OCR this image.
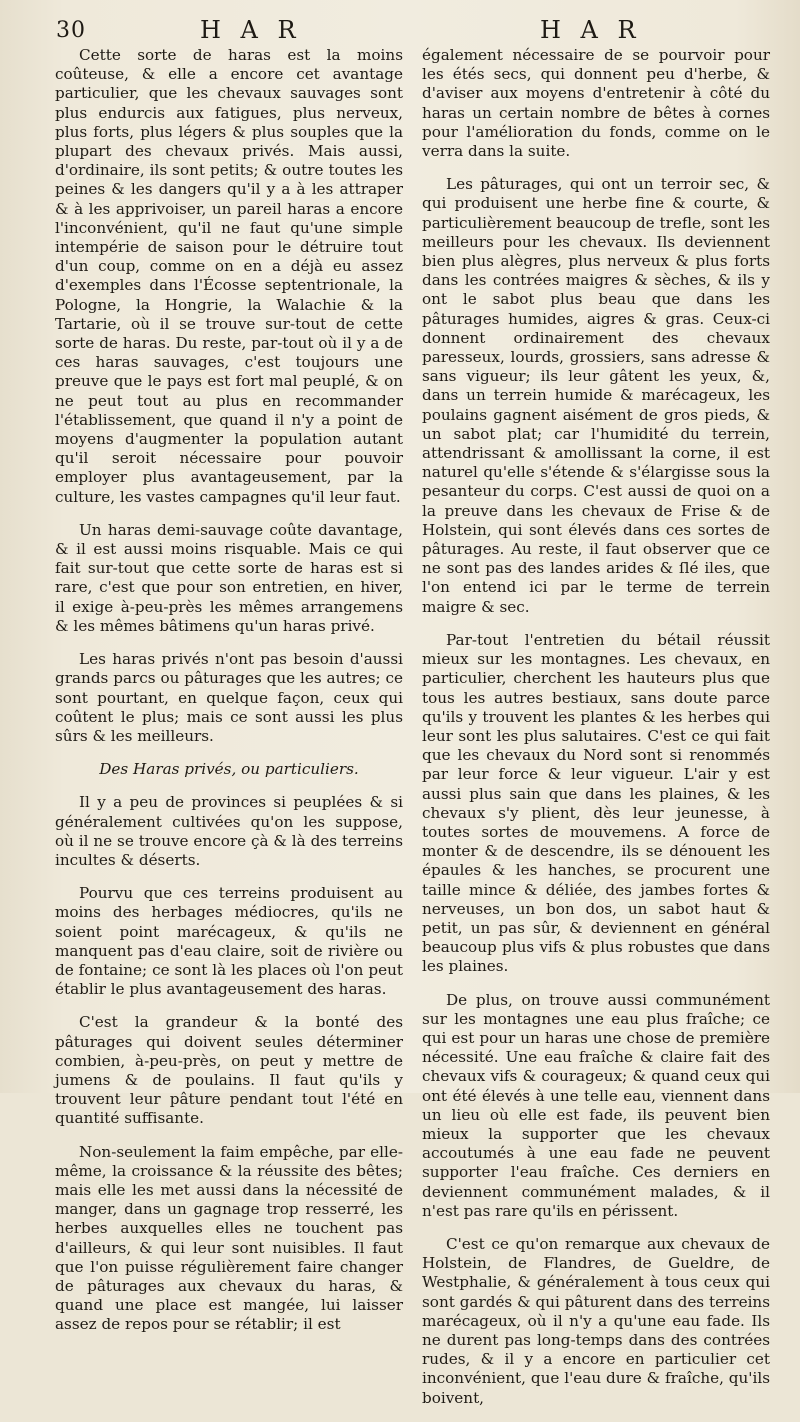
30	H A R	H A R

Cette sorte de haras est la moins coûteuse, & elle a encore cet avantage particulier, que les chevaux sauvages sont plus endurcis aux fatigues, plus nerveux, plus forts, plus légers & plus souples que la plupart des chevaux privés. Mais aussi, d'ordinaire, ils sont petits; & outre toutes les peines & les dangers qu'il y a à les attraper & à les apprivoiser, un pareil haras a encore l'inconvénient, qu'il ne faut qu'une simple intempérie de saison pour le détruire tout d'un coup, comme on en a déjà eu assez d'exemples dans l'Écosse septentrionale, la Pologne, la Hongrie, la Walachie & la Tartarie, où il se trouve sur-tout de cette sorte de haras. Du reste, par-tout où il y a de ces haras sauvages, c'est toujours une preuve que le pays est fort mal peuplé, & on ne peut tout au plus en recommander l'établissement, que quand il n'y a point de moyens d'augmenter la population autant qu'il seroit nécessaire pour pouvoir employer plus avantageusement, par la culture, les vastes campagnes qu'il leur faut.

Un haras demi-sauvage coûte davantage, & il est aussi moins risquable. Mais ce qui fait sur-tout que cette sorte de haras est si rare, c'est que pour son entretien, en hiver, il exige à-peu-près les mêmes arrangemens & les mêmes bâtimens qu'un haras privé.

Les haras privés n'ont pas besoin d'aussi grands parcs ou pâturages que les autres; ce sont pourtant, en quelque façon, ceux qui coûtent le plus; mais ce sont aussi les plus sûrs & les meilleurs.

Des Haras privés, ou particuliers.

Il y a peu de provinces si peuplées & si généralement cultivées qu'on les suppose, où il ne se trouve encore çà & là des terreins incultes & déserts.

Pourvu que ces terreins produisent au moins des herbages médiocres, qu'ils ne soient point marécageux, & qu'ils ne manquent pas d'eau claire, soit de rivière ou de fontaine; ce sont là les places où l'on peut établir le plus avantageusement des haras.

C'est la grandeur & la bonté des pâturages qui doivent seules déterminer combien, à-peu-près, on peut y mettre de jumens & de poulains. Il faut qu'ils y trouvent leur pâture pendant tout l'été en quantité suffisante.

Non-seulement la faim empêche, par elle-même, la croissance & la réussite des bêtes; mais elle les met aussi dans la nécessité de manger, dans un gagnage trop resserré, les herbes auxquelles elles ne touchent pas d'ailleurs, & qui leur sont nuisibles. Il faut que l'on puisse régulièrement faire changer de pâturages aux chevaux du haras, & quand une place est mangée, lui laisser assez de repos pour se rétablir; il est

également nécessaire de se pourvoir pour les étés secs, qui donnent peu d'herbe, & d'aviser aux moyens d'entretenir à côté du haras un certain nombre de bêtes à cornes pour l'amélioration du fonds, comme on le verra dans la suite.

Les pâturages, qui ont un terroir sec, & qui produisent une herbe fine & courte, & particulièrement beaucoup de trefle, sont les meilleurs pour les chevaux. Ils deviennent bien plus alègres, plus nerveux & plus forts dans les contrées maigres & sèches, & ils y ont le sabot plus beau que dans les pâturages humides, aigres & gras. Ceux-ci donnent ordinairement des chevaux paresseux, lourds, grossiers, sans adresse & sans vigueur; ils leur gâtent les yeux, &, dans un terrein humide & marécageux, les poulains gagnent aisément de gros pieds, & un sabot plat; car l'humidité du terrein, attendrissant & amollissant la corne, il est naturel qu'elle s'étende & s'élargisse sous la pesanteur du corps. C'est aussi de quoi on a la preuve dans les chevaux de Frise & de Holstein, qui sont élevés dans ces sortes de pâturages. Au reste, il faut observer que ce ne sont pas des landes arides & ſlé iles, que l'on entend ici par le terme de terrein maigre & sec.

Par-tout l'entretien du bétail réussit mieux sur les montagnes. Les chevaux, en particulier, cherchent les hauteurs plus que tous les autres bestiaux, sans doute parce qu'ils y trouvent les plantes & les herbes qui leur sont les plus salutaires. C'est ce qui fait que les chevaux du Nord sont si renommés par leur force & leur vigueur. L'air y est aussi plus sain que dans les plaines, & les chevaux s'y plient, dès leur jeunesse, à toutes sortes de mouvemens. A force de monter & de descendre, ils se dénouent les épaules & les hanches, se procurent une taille mince & déliée, des jambes fortes & nerveuses, un bon dos, un sabot haut & petit, un pas sûr, & deviennent en général beaucoup plus vifs & plus robustes que dans les plaines.

De plus, on trouve aussi communément sur les montagnes une eau plus fraîche; ce qui est pour un haras une chose de première nécessité. Une eau fraîche & claire fait des chevaux vifs & courageux; & quand ceux qui ont été élevés à une telle eau, viennent dans un lieu où elle est fade, ils peuvent bien mieux la supporter que les chevaux accoutumés à une eau fade ne peuvent supporter l'eau fraîche. Ces derniers en deviennent communément malades, & il n'est pas rare qu'ils en périssent.

C'est ce qu'on remarque aux chevaux de Holstein, de Flandres, de Gueldre, de Westphalie, & généralement à tous ceux qui sont gardés & qui pâturent dans des terreins marécageux, où il n'y a qu'une eau fade. Ils ne durent pas long-temps dans des contrées rudes, & il y a encore en particulier cet inconvénient, que l'eau dure & fraîche, qu'ils boivent,
